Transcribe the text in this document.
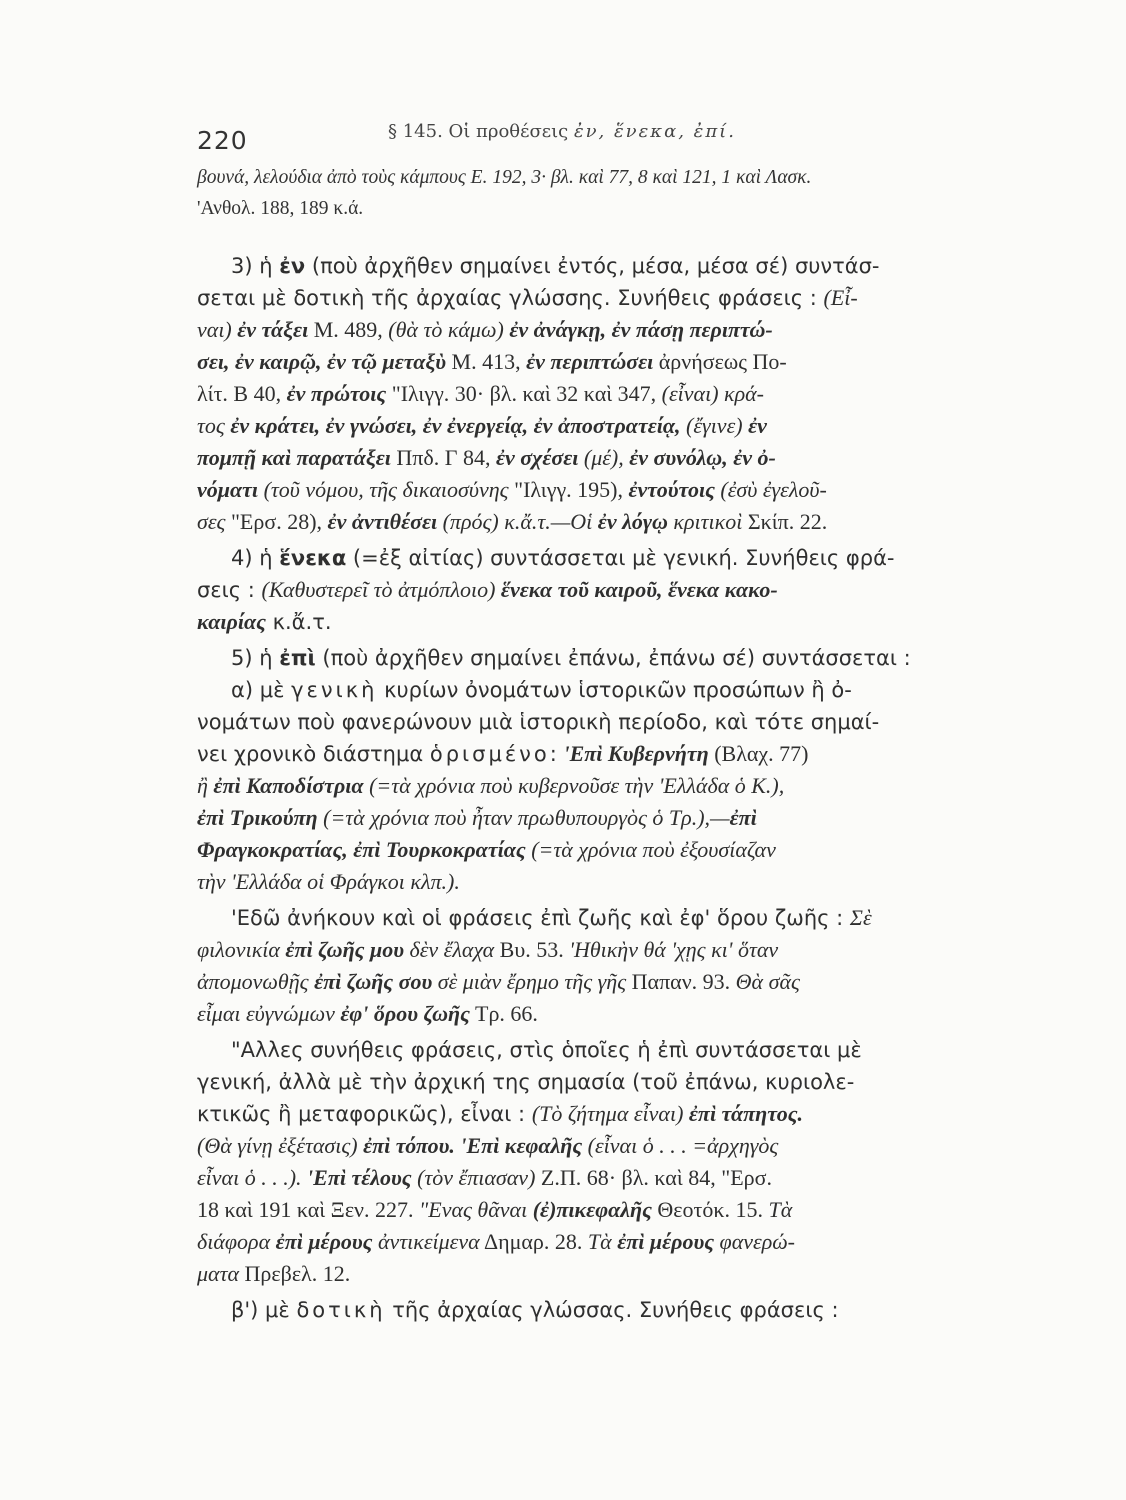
220	§ 145. Οἱ προθέσεις ἐν, ἕνεκα, ἐπί.

βουνά, λελούδια ἀπὸ τοὺς κάμπους Ε. 192, 3· βλ. καὶ 77, 8 καὶ 121, 1 καὶ Λασκ.
'Ανθολ. 188, 189 κ.ά.

3) ἡ ἐν (ποὺ ἀρχῆθεν σημαίνει ἐντός, μέσα, μέσα σέ) συντάσ-
σεται μὲ δοτικὴ τῆς ἀρχαίας γλώσσης. Συνήθεις φράσεις : (Εἶ-
ναι) ἐν τάξει Μ. 489, (θὰ τὸ κάμω) ἐν ἀνάγκῃ, ἐν πάσῃ περιπτώ-
σει, ἐν καιρῷ, ἐν τῷ μεταξὺ Μ. 413, ἐν περιπτώσει ἀρνήσεως Πο-
λίτ. Β 40, ἐν πρώτοις "Ιλιγγ. 30· βλ. καὶ 32 καὶ 347, (εἶναι) κρά-
τος ἐν κράτει, ἐν γνώσει, ἐν ἐνεργείᾳ, ἐν ἀποστρατείᾳ, (ἔγινε) ἐν
πομπῇ καὶ παρατάξει Ππδ. Γ 84, ἐν σχέσει (μέ), ἐν συνόλῳ, ἐν ὀ-
νόματι (τοῦ νόμου, τῆς δικαιοσύνης "Ιλιγγ. 195), ἐντούτοις (ἐσὺ ἐγελοῦ-
σες "Ερσ. 28), ἐν ἀντιθέσει (πρός) κ.ἄ.τ.—Οἱ ἐν λόγῳ κριτικοὶ Σκίπ. 22.

4) ἡ ἕνεκα (=ἐξ αἰτίας) συντάσσεται μὲ γενική. Συνήθεις φρά-
σεις : (Καθυστερεῖ τὸ ἀτμόπλοιο) ἕνεκα τοῦ καιροῦ, ἕνεκα κακο-
καιρίας κ.ἄ.τ.

5) ἡ ἐπὶ (ποὺ ἀρχῆθεν σημαίνει ἐπάνω, ἐπάνω σέ) συντάσσεται :
α) μὲ γενικὴ κυρίων ὀνομάτων ἱστορικῶν προσώπων ἢ ὀ-
νομάτων ποὺ φανερώνουν μιὰ ἱστορικὴ περίοδο, καὶ τότε σημαί-
νει χρονικὸ διάστημα ὁρισμένο: 'Επὶ Κυβερνήτη (Βλαχ. 77)
ἢ ἐπὶ Καποδίστρια (=τὰ χρόνια ποὺ κυβερνοῦσε τὴν 'Ελλάδα ὁ Κ.),
ἐπὶ Τρικούπη (=τὰ χρόνια ποὺ ἦταν πρωθυπουργὸς ὁ Τρ.),—ἐπὶ
Φραγκοκρατίας, ἐπὶ Τουρκοκρατίας (=τὰ χρόνια ποὺ ἐξουσίαζαν
τὴν 'Ελλάδα οἱ Φράγκοι κλπ.).

'Εδῶ ἀνήκουν καὶ οἱ φράσεις ἐπὶ ζωῆς καὶ ἐφ' ὅρου ζωῆς : Σὲ
φιλονικία ἐπὶ ζωῆς μου δὲν ἔλαχα Βυ. 53. 'Ηθικὴν θά 'χῃς κι' ὅταν
ἀπομονωθῇς ἐπὶ ζωῆς σου σὲ μιὰν ἔρημο τῆς γῆς Παπαν. 93. Θὰ σᾶς
εἶμαι εὐγνώμων ἐφ' ὅρου ζωῆς Τρ. 66.

"Αλλες συνήθεις φράσεις, στὶς ὁποῖες ἡ ἐπὶ συντάσσεται μὲ
γενική, ἀλλὰ μὲ τὴν ἀρχική της σημασία (τοῦ ἐπάνω, κυριολε-
κτικῶς ἢ μεταφορικῶς), εἶναι : (Τὸ ζήτημα εἶναι) ἐπὶ τάπητος.
(Θὰ γίνῃ ἐξέτασις) ἐπὶ τόπου. 'Επὶ κεφαλῆς (εἶναι ὁ . . . =ἀρχηγὸς
εἶναι ὁ . . .). 'Επὶ τέλους (τὸν ἔπιασαν) Ζ.Π. 68· βλ. καὶ 84, "Ερσ.
18 καὶ 191 καὶ Ξεν. 227. "Ενας θᾶναι (ἐ)πικεφαλῆς Θεοτόκ. 15. Τὰ
διάφορα ἐπὶ μέρους ἀντικείμενα Δημαρ. 28. Τὰ ἐπὶ μέρους φανερώ-
ματα Πρεβελ. 12.

β') μὲ δοτικὴ τῆς ἀρχαίας γλώσσας. Συνήθεις φράσεις :
